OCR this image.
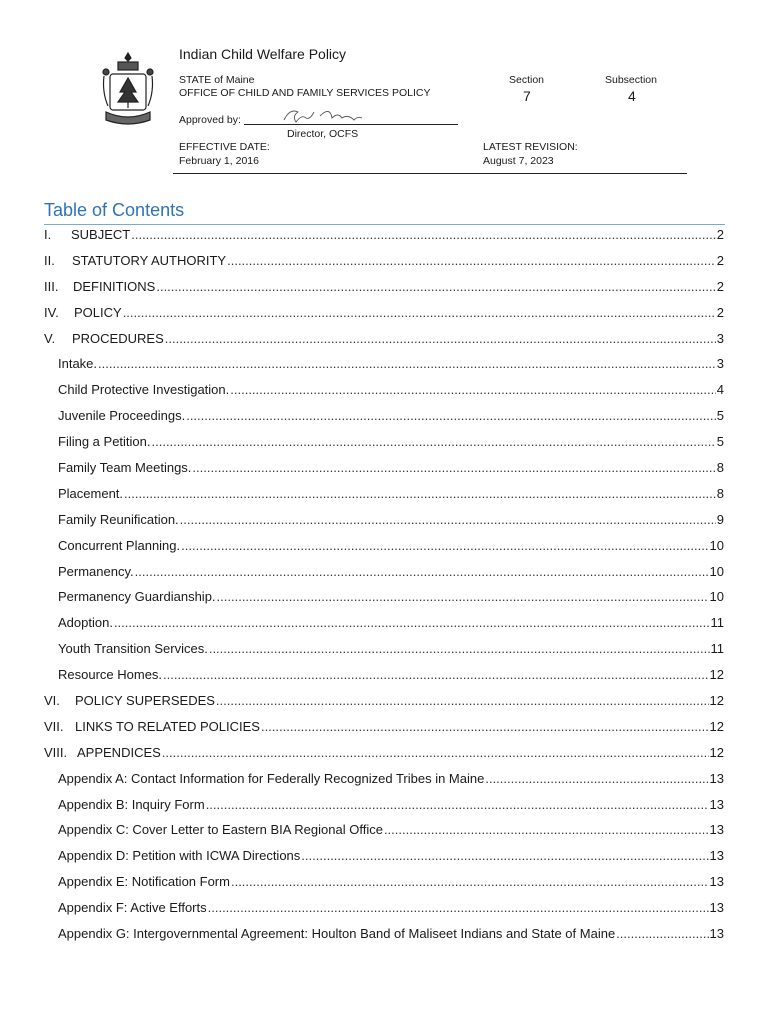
Indian Child Welfare Policy
STATE of Maine
OFFICE OF CHILD AND FAMILY SERVICES POLICY
Section
7
Subsection
4
Approved by:
Director, OCFS
EFFECTIVE DATE:
February 1, 2016
LATEST REVISION:
August 7, 2023
Table of Contents
I.	SUBJECT .....	2
II.	STATUTORY AUTHORITY .....	2
III.	DEFINITIONS .....	2
IV.	POLICY .....	2
V.	PROCEDURES .....	3
Intake. .....	3
Child Protective Investigation. .....	4
Juvenile Proceedings. .....	5
Filing a Petition. .....	5
Family Team Meetings. .....	8
Placement. .....	8
Family Reunification. .....	9
Concurrent Planning. .....	10
Permanency. .....	10
Permanency Guardianship. .....	10
Adoption. .....	11
Youth Transition Services. .....	11
Resource Homes. .....	12
VI.	POLICY SUPERSEDES .....	12
VII. LINKS TO RELATED POLICIES .....	12
VIII. APPENDICES .....	12
Appendix A: Contact Information for Federally Recognized Tribes in Maine .....	13
Appendix B: Inquiry Form .....	13
Appendix C: Cover Letter to Eastern BIA Regional Office .....	13
Appendix D: Petition with ICWA Directions .....	13
Appendix E: Notification Form .....	13
Appendix F: Active Efforts .....	13
Appendix G: Intergovernmental Agreement: Houlton Band of Maliseet Indians and State of Maine .....	13
